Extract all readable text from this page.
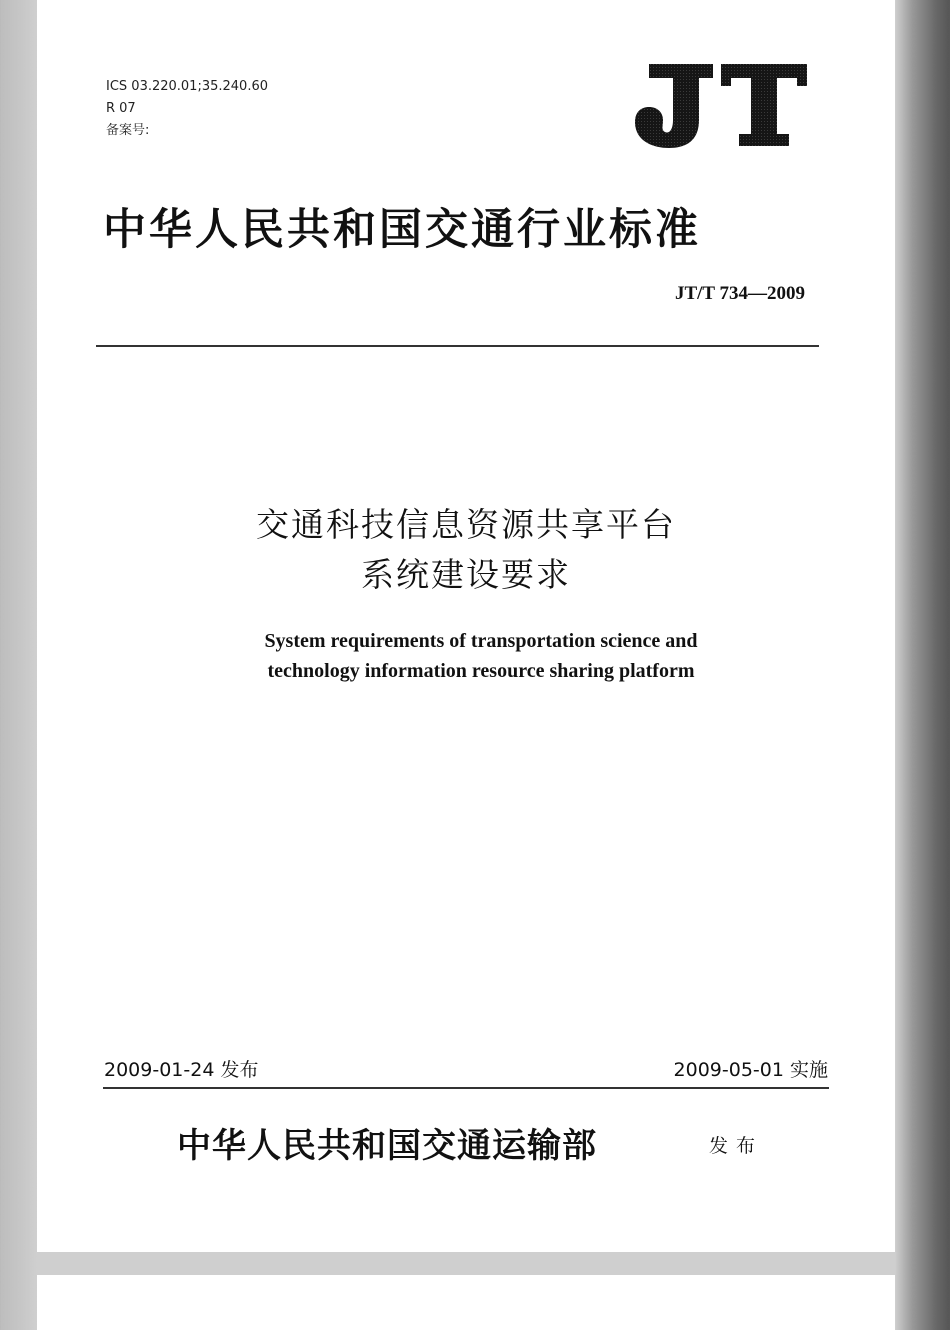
ICS 03.220.01;35.240.60
R 07
备案号:
中华人民共和国交通行业标准
JT/T 734—2009
交通科技信息资源共享平台
系统建设要求
System requirements of transportation science and
technology information resource sharing platform
2009-01-24 发布	2009-05-01 实施
中华人民共和国交通运输部	发布
